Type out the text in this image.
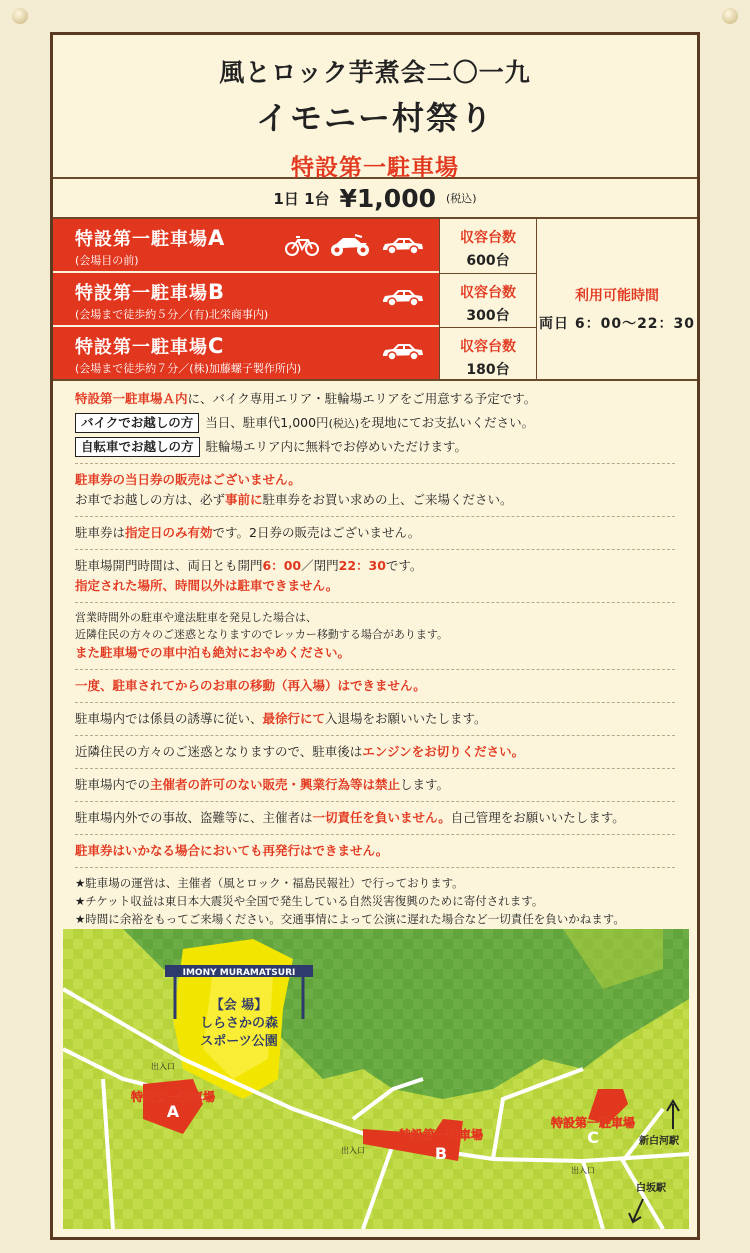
風とロック芋煮会二〇一九
イモニー村祭り
特設第一駐車場
1日 1台 ¥1,000 (税込)
特設第一駐車場A
(会場目の前)
収容台数
600台
特設第一駐車場B
(会場まで徒歩約５分／(有)北栄商事内)
収容台数
300台
特設第一駐車場C
(会場まで徒歩約７分／(株)加藤螺子製作所内)
収容台数
180台
利用可能時間
両日 6：00〜22：30
特設第一駐車場Ａ内に、バイク専用エリア・駐輪場エリアをご用意する予定です。
バイクでお越しの方 当日、駐車代1,000円(税込)を現地にてお支払いください。
自転車でお越しの方 駐輪場エリア内に無料でお停めいただけます。
駐車券の当日券の販売はございません。
お車でお越しの方は、必ず事前に駐車券をお買い求めの上、ご来場ください。
駐車券は指定日のみ有効です。2日券の販売はございません。
駐車場開門時間は、両日とも開門6：00／閉門22：30です。
指定された場所、時間以外は駐車できません。
営業時間外の駐車や違法駐車を発見した場合は、
近隣住民の方々のご迷惑となりますのでレッカー移動する場合があります。
また駐車場での車中泊も絶対におやめください。
一度、駐車されてからのお車の移動（再入場）はできません。
駐車場内では係員の誘導に従い、最徐行にて入退場をお願いいたします。
近隣住民の方々のご迷惑となりますので、駐車後はエンジンをお切りください。
駐車場内での主催者の許可のない販売・興業行為等は禁止します。
駐車場内外での事故、盗難等に、主催者は一切責任を負いません。自己管理をお願いいたします。
駐車券はいかなる場合においても再発行はできません。
★駐車場の運営は、主催者（風とロック・福島民報社）で行っております。
★チケット収益は東日本大震災や全国で発生している自然災害復興のために寄付されます。
★時間に余裕をもってご来場ください。交通事情によって公演に遅れた場合など一切責任を負いかねます。
IMONY MURAMATSURI
【会 場】
しらさかの森
スポーツ公園
A
特設第一駐車場
出入口
B
特設第一駐車場
出入口
C
特設第一駐車場
出入口
新白河駅
白坂駅
